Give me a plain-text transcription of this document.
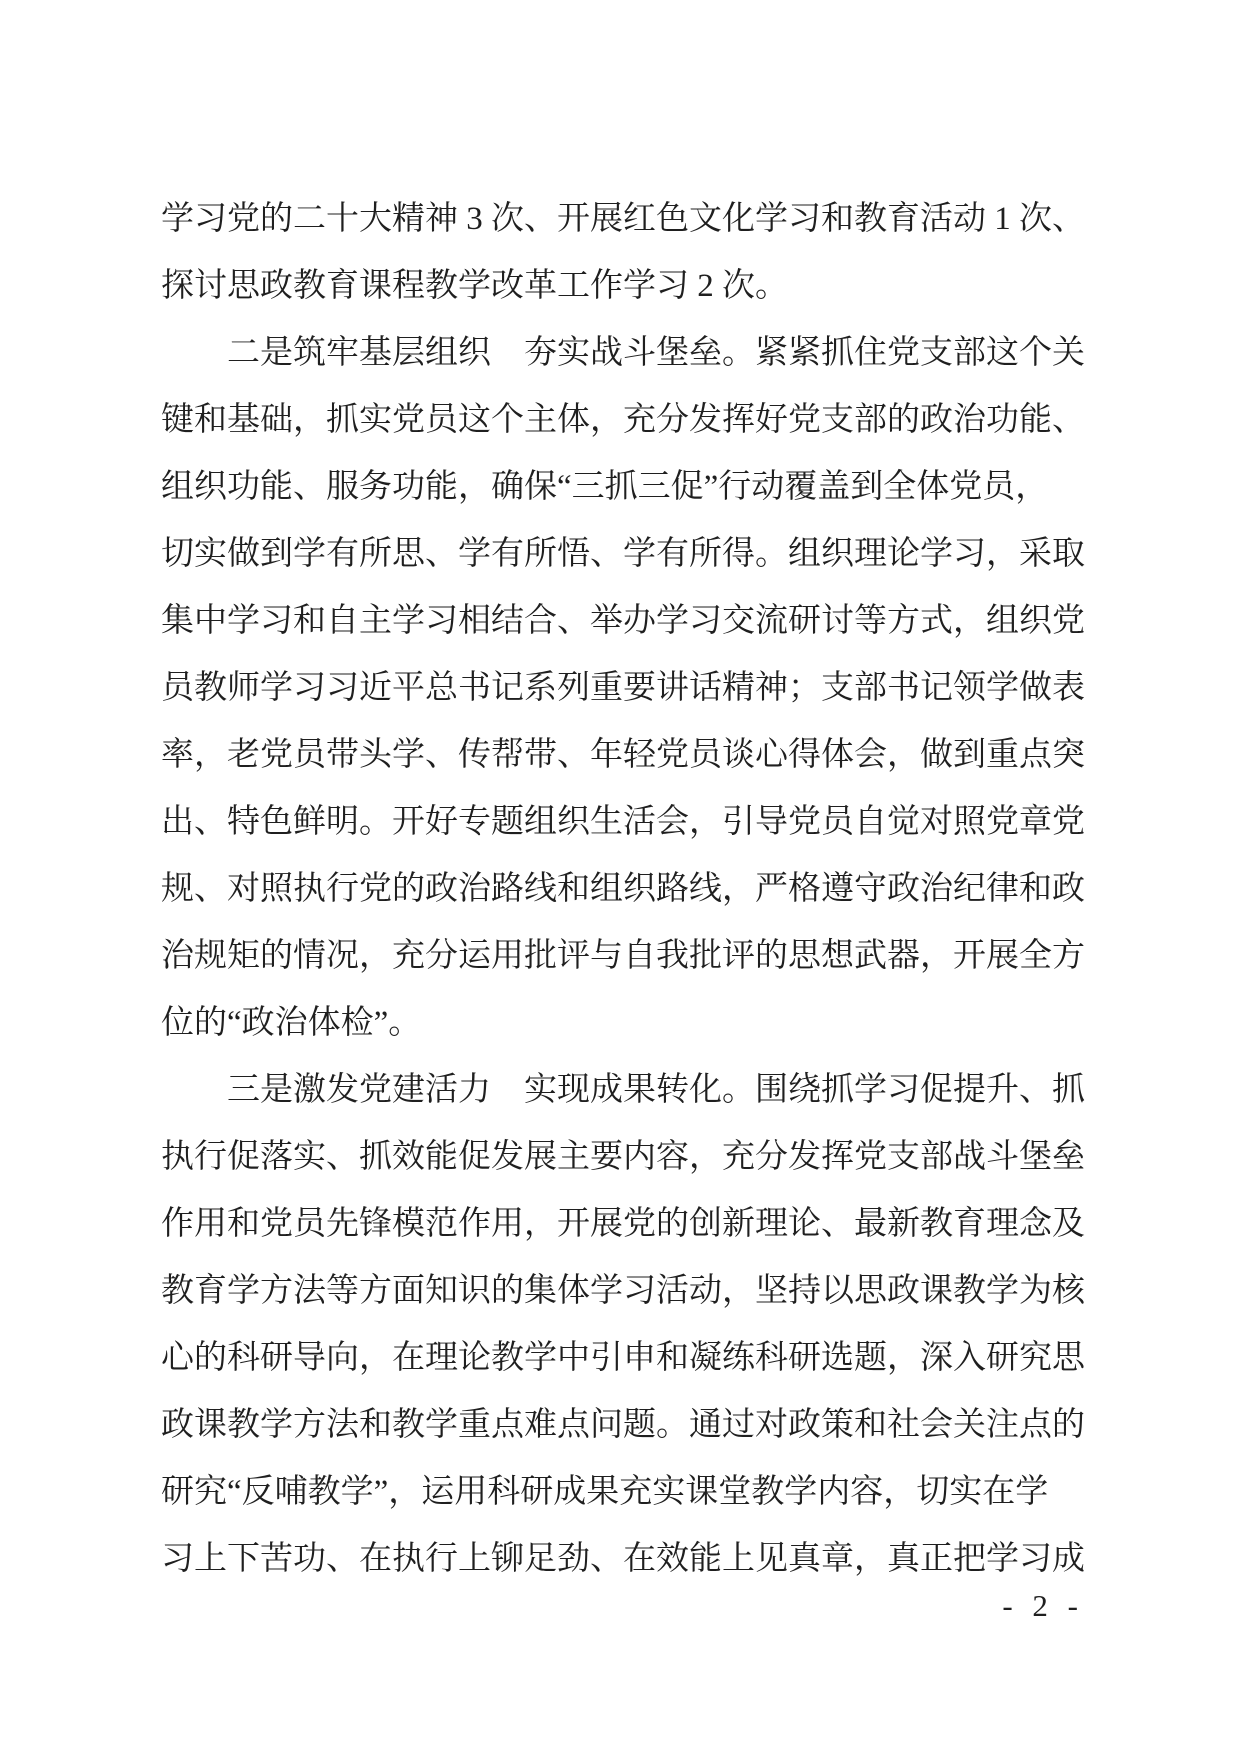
学习党的二十大精神 3 次、开展红色文化学习和教育活动 1 次、
探讨思政教育课程教学改革工作学习 2 次。
二是筑牢基层组织　夯实战斗堡垒。紧紧抓住党支部这个关
键和基础，抓实党员这个主体，充分发挥好党支部的政治功能、
组织功能、服务功能，确保“三抓三促”行动覆盖到全体党员，
切实做到学有所思、学有所悟、学有所得。组织理论学习，采取
集中学习和自主学习相结合、举办学习交流研讨等方式，组织党
员教师学习习近平总书记系列重要讲话精神；支部书记领学做表
率，老党员带头学、传帮带、年轻党员谈心得体会，做到重点突
出、特色鲜明。开好专题组织生活会，引导党员自觉对照党章党
规、对照执行党的政治路线和组织路线，严格遵守政治纪律和政
治规矩的情况，充分运用批评与自我批评的思想武器，开展全方
位的“政治体检”。
三是激发党建活力　实现成果转化。围绕抓学习促提升、抓
执行促落实、抓效能促发展主要内容，充分发挥党支部战斗堡垒
作用和党员先锋模范作用，开展党的创新理论、最新教育理念及
教育学方法等方面知识的集体学习活动，坚持以思政课教学为核
心的科研导向，在理论教学中引申和凝练科研选题，深入研究思
政课教学方法和教学重点难点问题。通过对政策和社会关注点的
研究“反哺教学”，运用科研成果充实课堂教学内容，切实在学
习上下苦功、在执行上铆足劲、在效能上见真章，真正把学习成
- 2 -
